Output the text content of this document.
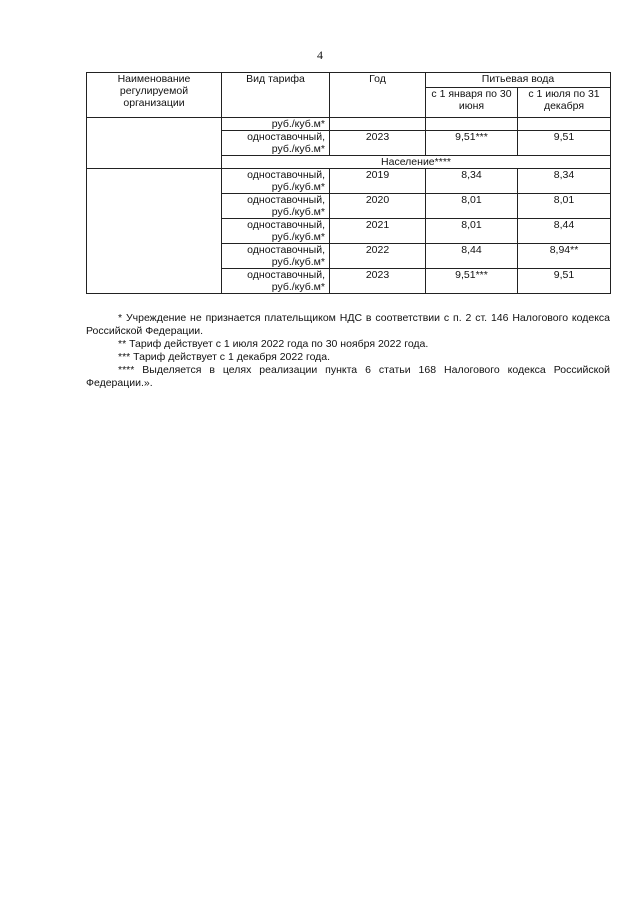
4
Наименование регулируемой организации	Вид тарифа	Год	Питьевая вода	
			с 1 января по 30 июня	с 1 июля по 31 декабря
	руб./куб.м*			
	одноставочный, руб./куб.м*	2023	9,51***	9,51
	Население****			
	одноставочный, руб./куб.м*	2019	8,34	8,34
	одноставочный, руб./куб.м*	2020	8,01	8,01
	одноставочный, руб./куб.м*	2021	8,01	8,44
	одноставочный, руб./куб.м*	2022	8,44	8,94**
	одноставочный, руб./куб.м*	2023	9,51***	9,51

* Учреждение не признается плательщиком НДС в соответствии с п. 2 ст. 146 Налогового кодекса Российской Федерации.

** Тариф действует с 1 июля 2022 года по 30 ноября 2022 года.

*** Тариф действует с 1 декабря 2022 года.

**** Выделяется в целях реализации пункта 6 статьи 168 Налогового кодекса Российской Федерации.».
